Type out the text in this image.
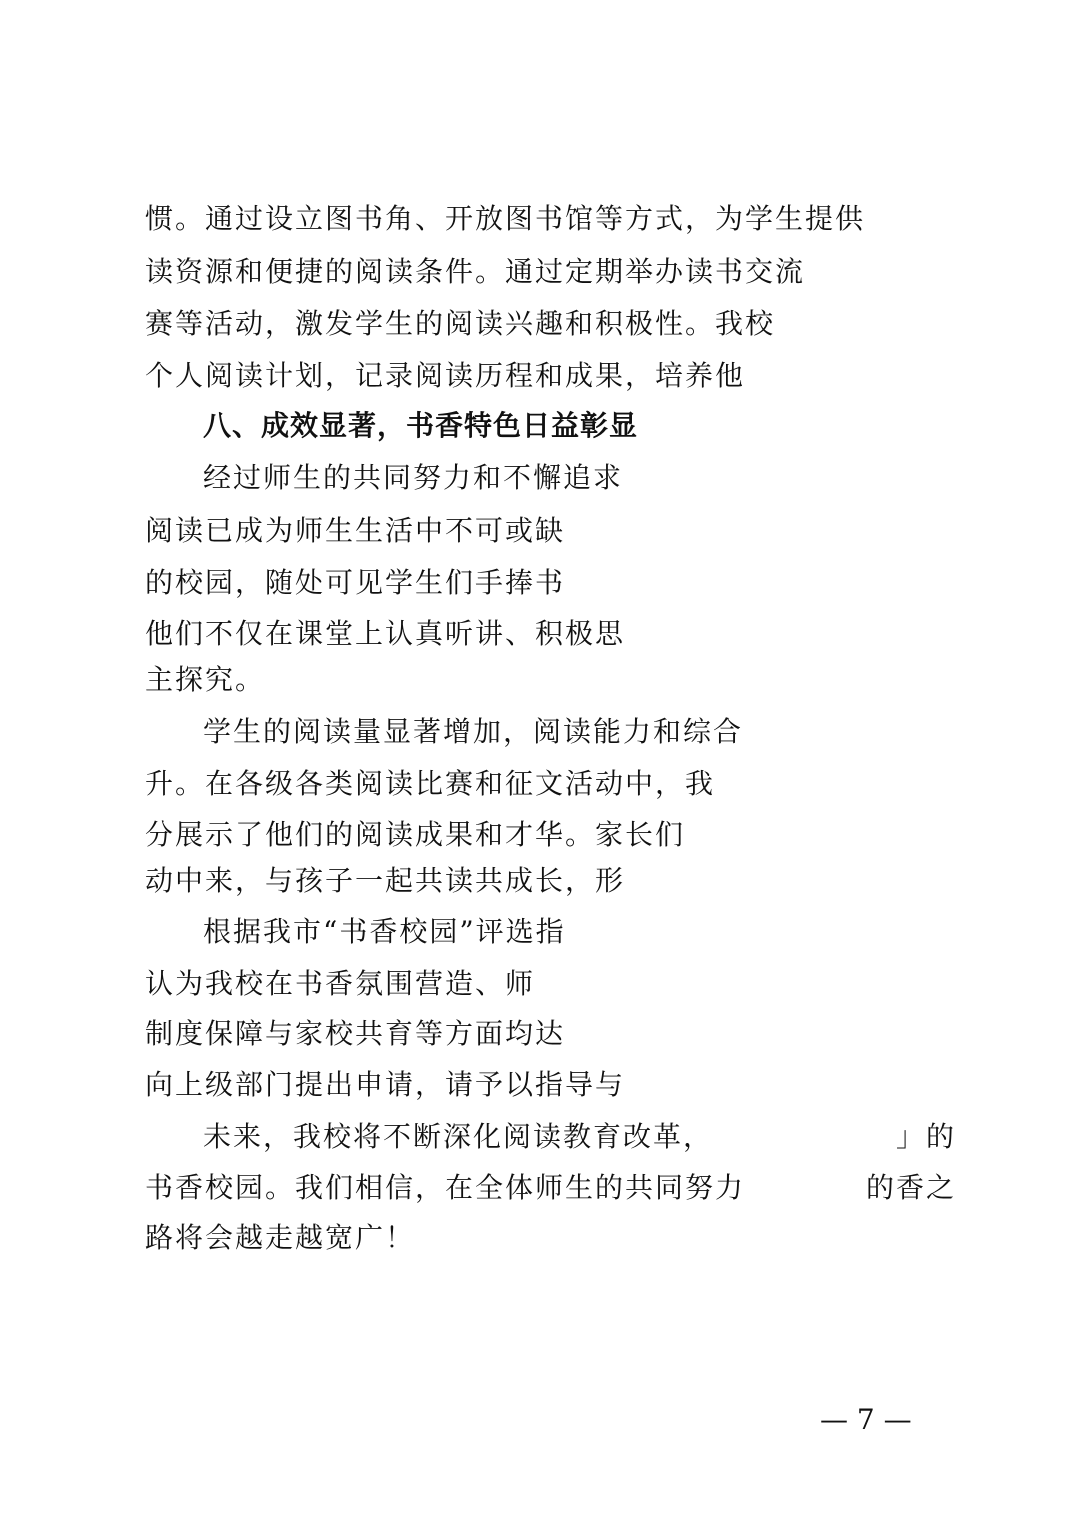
惯。通过设立图书角、开放图书馆等方式，为学生提供
读资源和便捷的阅读条件。通过定期举办读书交流
赛等活动，激发学生的阅读兴趣和积极性。我校
个人阅读计划，记录阅读历程和成果，培养他
八、成效显著，书香特色日益彰显
经过师生的共同努力和不懈追求
阅读已成为师生生活中不可或缺
的校园，随处可见学生们手捧书
他们不仅在课堂上认真听讲、积极思
主探究。
学生的阅读量显著增加，阅读能力和综合
升。在各级各类阅读比赛和征文活动中，我
分展示了他们的阅读成果和才华。家长们
动中来，与孩子一起共读共成长，形
根据我市“书香校园”评选指
认为我校在书香氛围营造、师
制度保障与家校共育等方面均达
向上级部门提出申请，请予以指导与
未来，我校将不断深化阅读教育改革，	」的
书香校园。我们相信，在全体师生的共同努力	的香之
路将会越走越宽广！
— 7 —
